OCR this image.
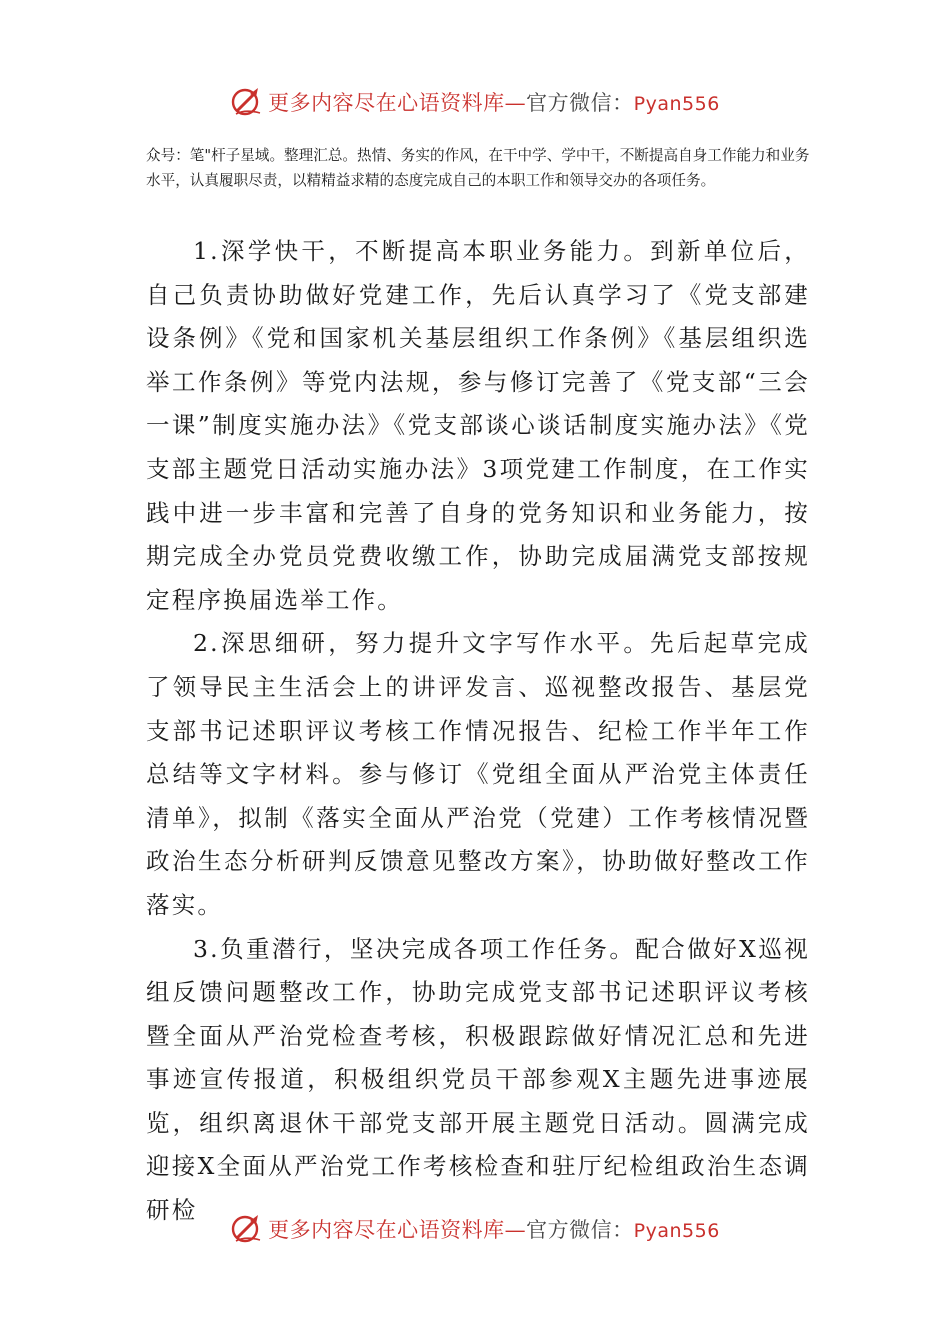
更多内容尽在心语资料库—官方微信：Pyan556

众号：笔"杆子星域。整理汇总。热情、务实的作风，在干中学、学中干，不断提高自身工作能力和业务水平，认真履职尽责，以精精益求精的态度完成自己的本职工作和领导交办的各项任务。

1.深学快干，不断提高本职业务能力。到新单位后，自己负责协助做好党建工作，先后认真学习了《党支部建设条例》《党和国家机关基层组织工作条例》《基层组织选举工作条例》等党内法规，参与修订完善了《党支部“三会一课”制度实施办法》《党支部谈心谈话制度实施办法》《党支部主题党日活动实施办法》3项党建工作制度，在工作实践中进一步丰富和完善了自身的党务知识和业务能力，按期完成全办党员党费收缴工作，协助完成届满党支部按规定程序换届选举工作。

2.深思细研，努力提升文字写作水平。先后起草完成了领导民主生活会上的讲评发言、巡视整改报告、基层党支部书记述职评议考核工作情况报告、纪检工作半年工作总结等文字材料。参与修订《党组全面从严治党主体责任清单》，拟制《落实全面从严治党（党建）工作考核情况暨政治生态分析研判反馈意见整改方案》，协助做好整改工作落实。

3.负重潜行，坚决完成各项工作任务。配合做好X巡视组反馈问题整改工作，协助完成党支部书记述职评议考核暨全面从严治党检查考核，积极跟踪做好情况汇总和先进事迹宣传报道，积极组织党员干部参观X主题先进事迹展览，组织离退休干部党支部开展主题党日活动。圆满完成迎接X全面从严治党工作考核检查和驻厅纪检组政治生态调研检

更多内容尽在心语资料库—官方微信：Pyan556
